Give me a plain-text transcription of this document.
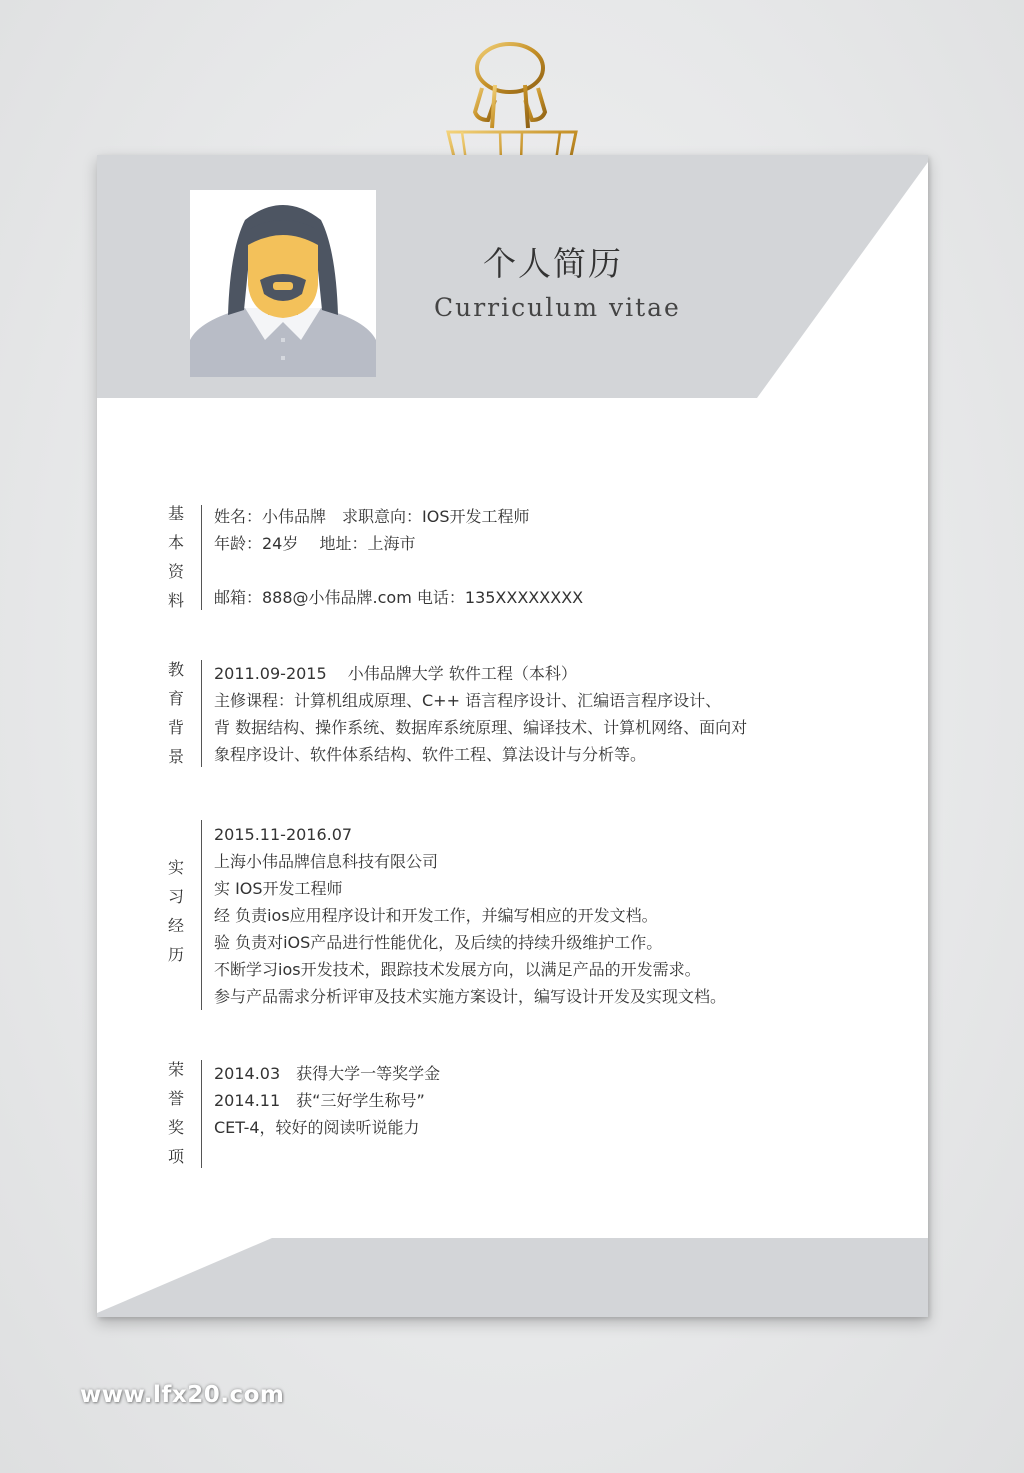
个人简历
Curriculum vitae
基
本
资
料
姓名：小伟品牌　求职意向：IOS开发工程师
年龄：24岁　 地址：上海市
邮箱：888@小伟品牌.com 电话：135XXXXXXXX
教
育
背
景
2011.09-2015　 小伟品牌大学 软件工程（本科）
主修课程：计算机组成原理、C++ 语言程序设计、汇编语言程序设计、
背 数据结构、操作系统、数据库系统原理、编译技术、计算机网络、面向对
象程序设计、软件体系结构、软件工程、算法设计与分析等。
实
习
经
历
2015.11-2016.07
上海小伟品牌信息科技有限公司
实 IOS开发工程师
经 负责ios应用程序设计和开发工作，并编写相应的开发文档。
验 负责对iOS产品进行性能优化，及后续的持续升级维护工作。
不断学习ios开发技术，跟踪技术发展方向，以满足产品的开发需求。
参与产品需求分析评审及技术实施方案设计，编写设计开发及实现文档。
荣
誉
奖
项
2014.03　获得大学一等奖学金
2014.11　获“三好学生称号”
CET-4，较好的阅读听说能力
www.lfx20.com
